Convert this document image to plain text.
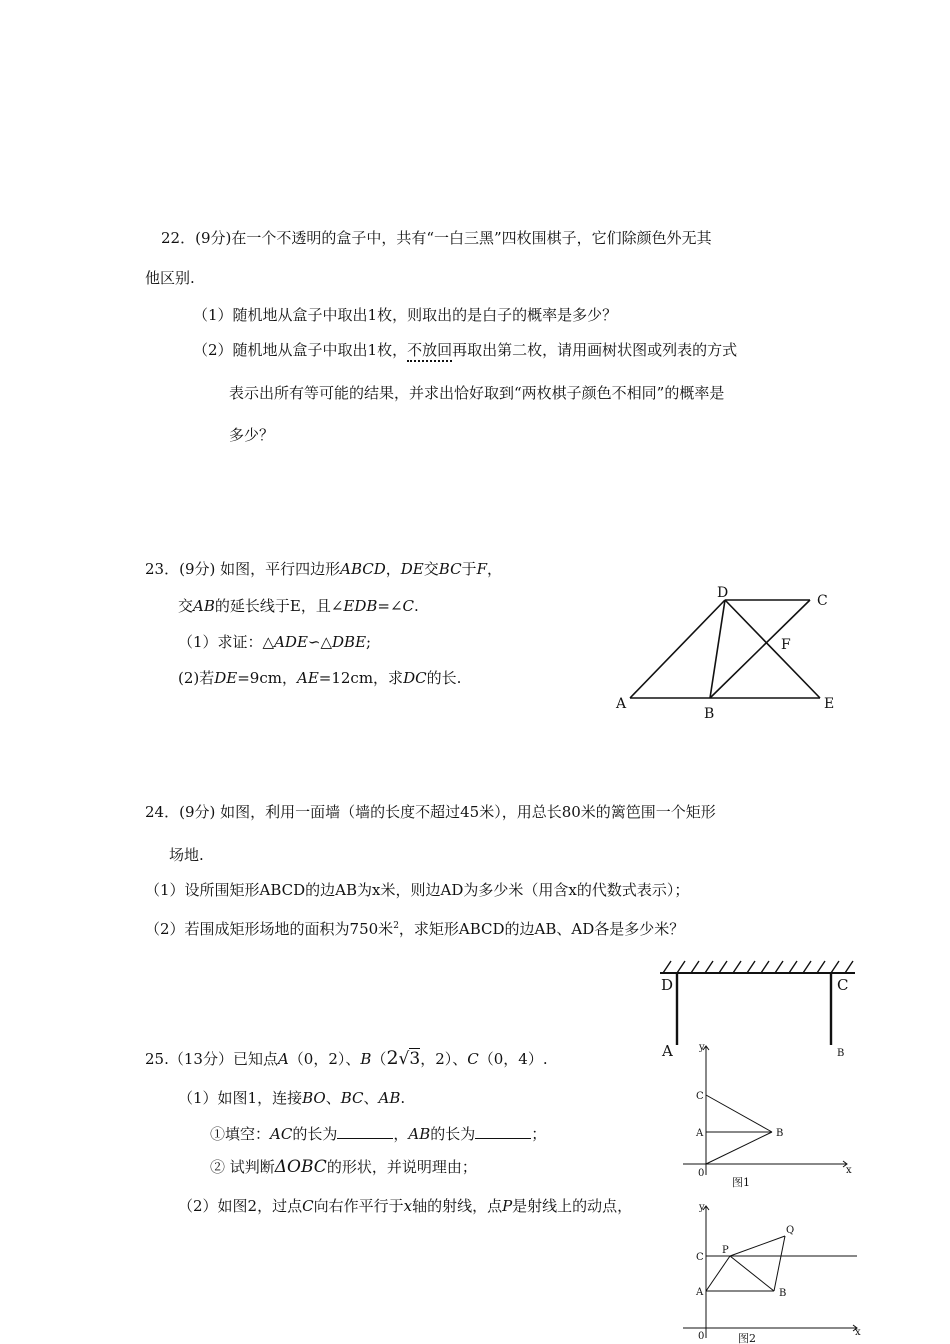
22．(9分)在一个不透明的盒子中，共有“一白三黑”四枚围棋子，它们除颜色外无其
他区别.
（1）随机地从盒子中取出1枚，则取出的是白子的概率是多少？
（2）随机地从盒子中取出1枚，不放回再取出第二枚，请用画树状图或列表的方式
表示出所有等可能的结果，并求出恰好取到“两枚棋子颜色不相同”的概率是
多少？
23．(9分) 如图，平行四边形ABCD，DE交BC于F，
交AB的延长线于E，且∠EDB=∠C.
（1）求证：△ADE∽△DBE;
(2)若DE=9cm，AE=12cm，求DC的长.
A
B
C
D
E
F
24．(9分) 如图，利用一面墙（墙的长度不超过45米），用总长80米的篱笆围一个矩形
场地.
（1）设所围矩形ABCD的边AB为x米，则边AD为多少米（用含x的代数式表示）；
（2）若围成矩形场地的面积为750米$^2$，求矩形ABCD的边AB、AD各是多少米？
D	C
A	B
25.（13分）已知点A（0，2）、B（2√3，2）、C（0，4）.
（1）如图1，连接BO、BC、AB.
①填空：AC的长为	，AB的长为	；
② 试判断ΔOBC的形状，并说明理由；
（2）如图2，过点C向右作平行于x轴的射线，点P是射线上的动点，
y
x
C
A	B
0
图1
y
x
C
A	B
P
Q
0	图2
